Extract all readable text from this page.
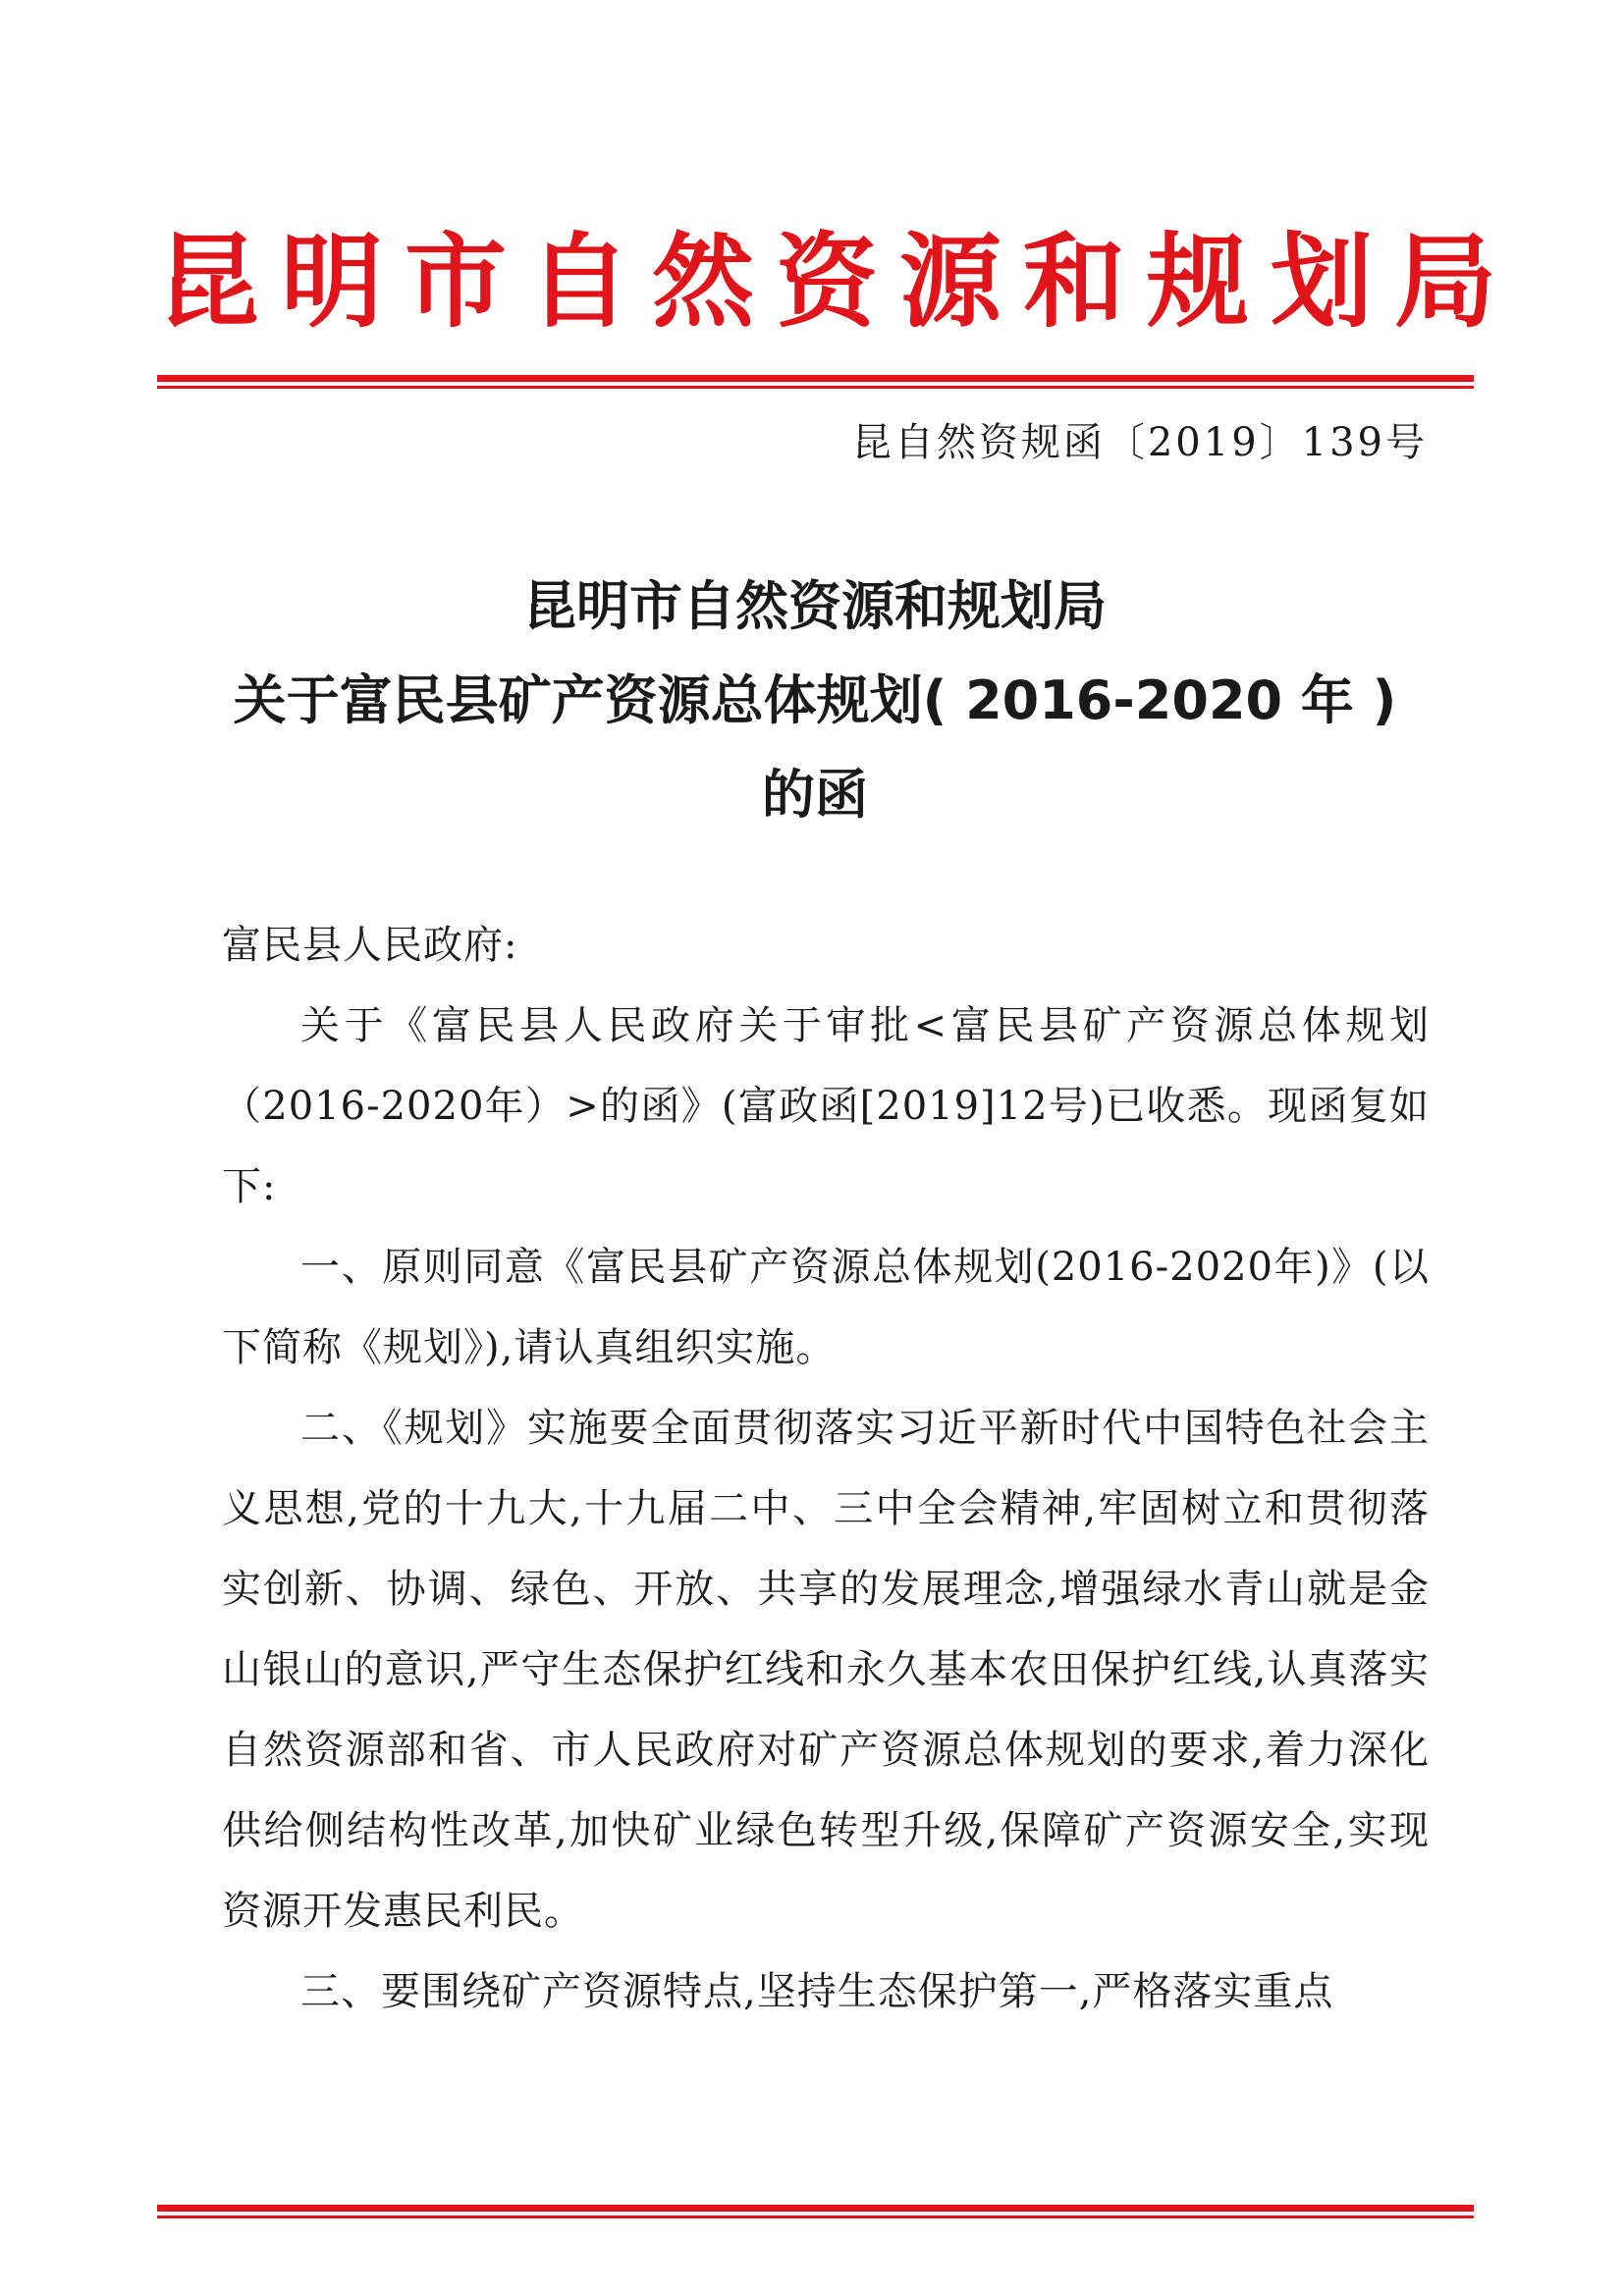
昆明市自然资源和规划局
昆自然资规函〔2019〕139号
昆明市自然资源和规划局
关于富民县矿产资源总体规划( 2016-2020 年 )
的函

富民县人民政府:

关于《富民县人民政府关于审批<富民县矿产资源总体规划（2016-2020年）>的函》(富政函[2019]12号)已收悉。现函复如下:

一、原则同意《富民县矿产资源总体规划(2016-2020年)》(以下简称《规划》),请认真组织实施。

二、《规划》实施要全面贯彻落实习近平新时代中国特色社会主义思想,党的十九大,十九届二中、三中全会精神,牢固树立和贯彻落实创新、协调、绿色、开放、共享的发展理念,增强绿水青山就是金山银山的意识,严守生态保护红线和永久基本农田保护红线,认真落实自然资源部和省、市人民政府对矿产资源总体规划的要求,着力深化供给侧结构性改革,加快矿业绿色转型升级,保障矿产资源安全,实现资源开发惠民利民。

三、要围绕矿产资源特点,坚持生态保护第一,严格落实重点
